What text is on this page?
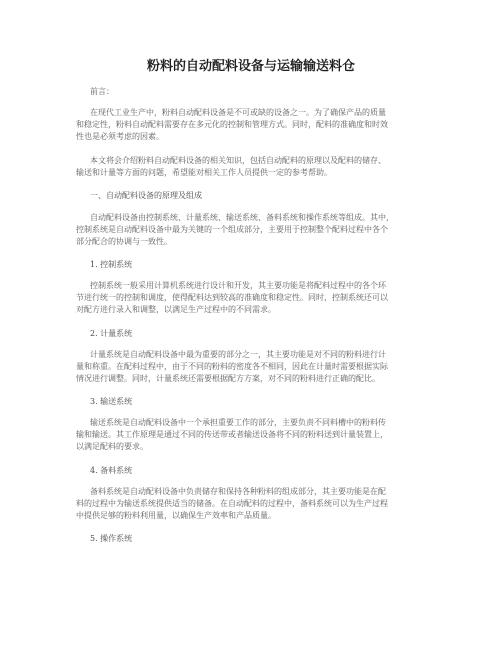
粉料的自动配料设备与运输输送料仓
前言：
在现代工业生产中，粉料自动配料设备是不可或缺的设备之一。为了确保产品的质量
和稳定性，粉料自动配料需要存在多元化的控制和管理方式。同时，配料的准确度和时效
性也是必须考虑的因素。
本文将会介绍粉料自动配料设备的相关知识，包括自动配料的原理以及配料的储存、
输送和计量等方面的问题，希望能对相关工作人员提供一定的参考帮助。
一、自动配料设备的原理及组成
自动配料设备由控制系统、计量系统、输送系统、备料系统和操作系统等组成。其中，
控制系统是自动配料设备中最为关键的一个组成部分，主要用于控制整个配料过程中各个
部分配合的协调与一致性。
1. 控制系统
控制系统一般采用计算机系统进行设计和开发，其主要功能是将配料过程中的各个环
节进行统一的控制和调度，使得配料达到较高的准确度和稳定性。同时，控制系统还可以
对配方进行录入和调整，以满足生产过程中的不同需求。
2. 计量系统
计量系统是自动配料设备中最为重要的部分之一，其主要功能是对不同的粉料进行计
量和称重。在配料过程中，由于不同的粉料的密度各不相同，因此在计量时需要根据实际
情况进行调整。同时，计量系统还需要根据配方方案，对不同的粉料进行正确的配比。
3. 输送系统
输送系统是自动配料设备中一个承担重要工作的部分，主要负责不同料槽中的粉料传
输和输送。其工作原理是通过不同的传送带或者输送设备将不同的粉料送到计量装置上，
以满足配料的要求。
4. 备料系统
备料系统是自动配料设备中负责储存和保持各种粉料的组成部分，其主要功能是在配
料的过程中为输送系统提供适当的储备。在自动配料的过程中，备料系统可以为生产过程
中提供足够的粉料利用量，以确保生产效率和产品质量。
5. 操作系统
